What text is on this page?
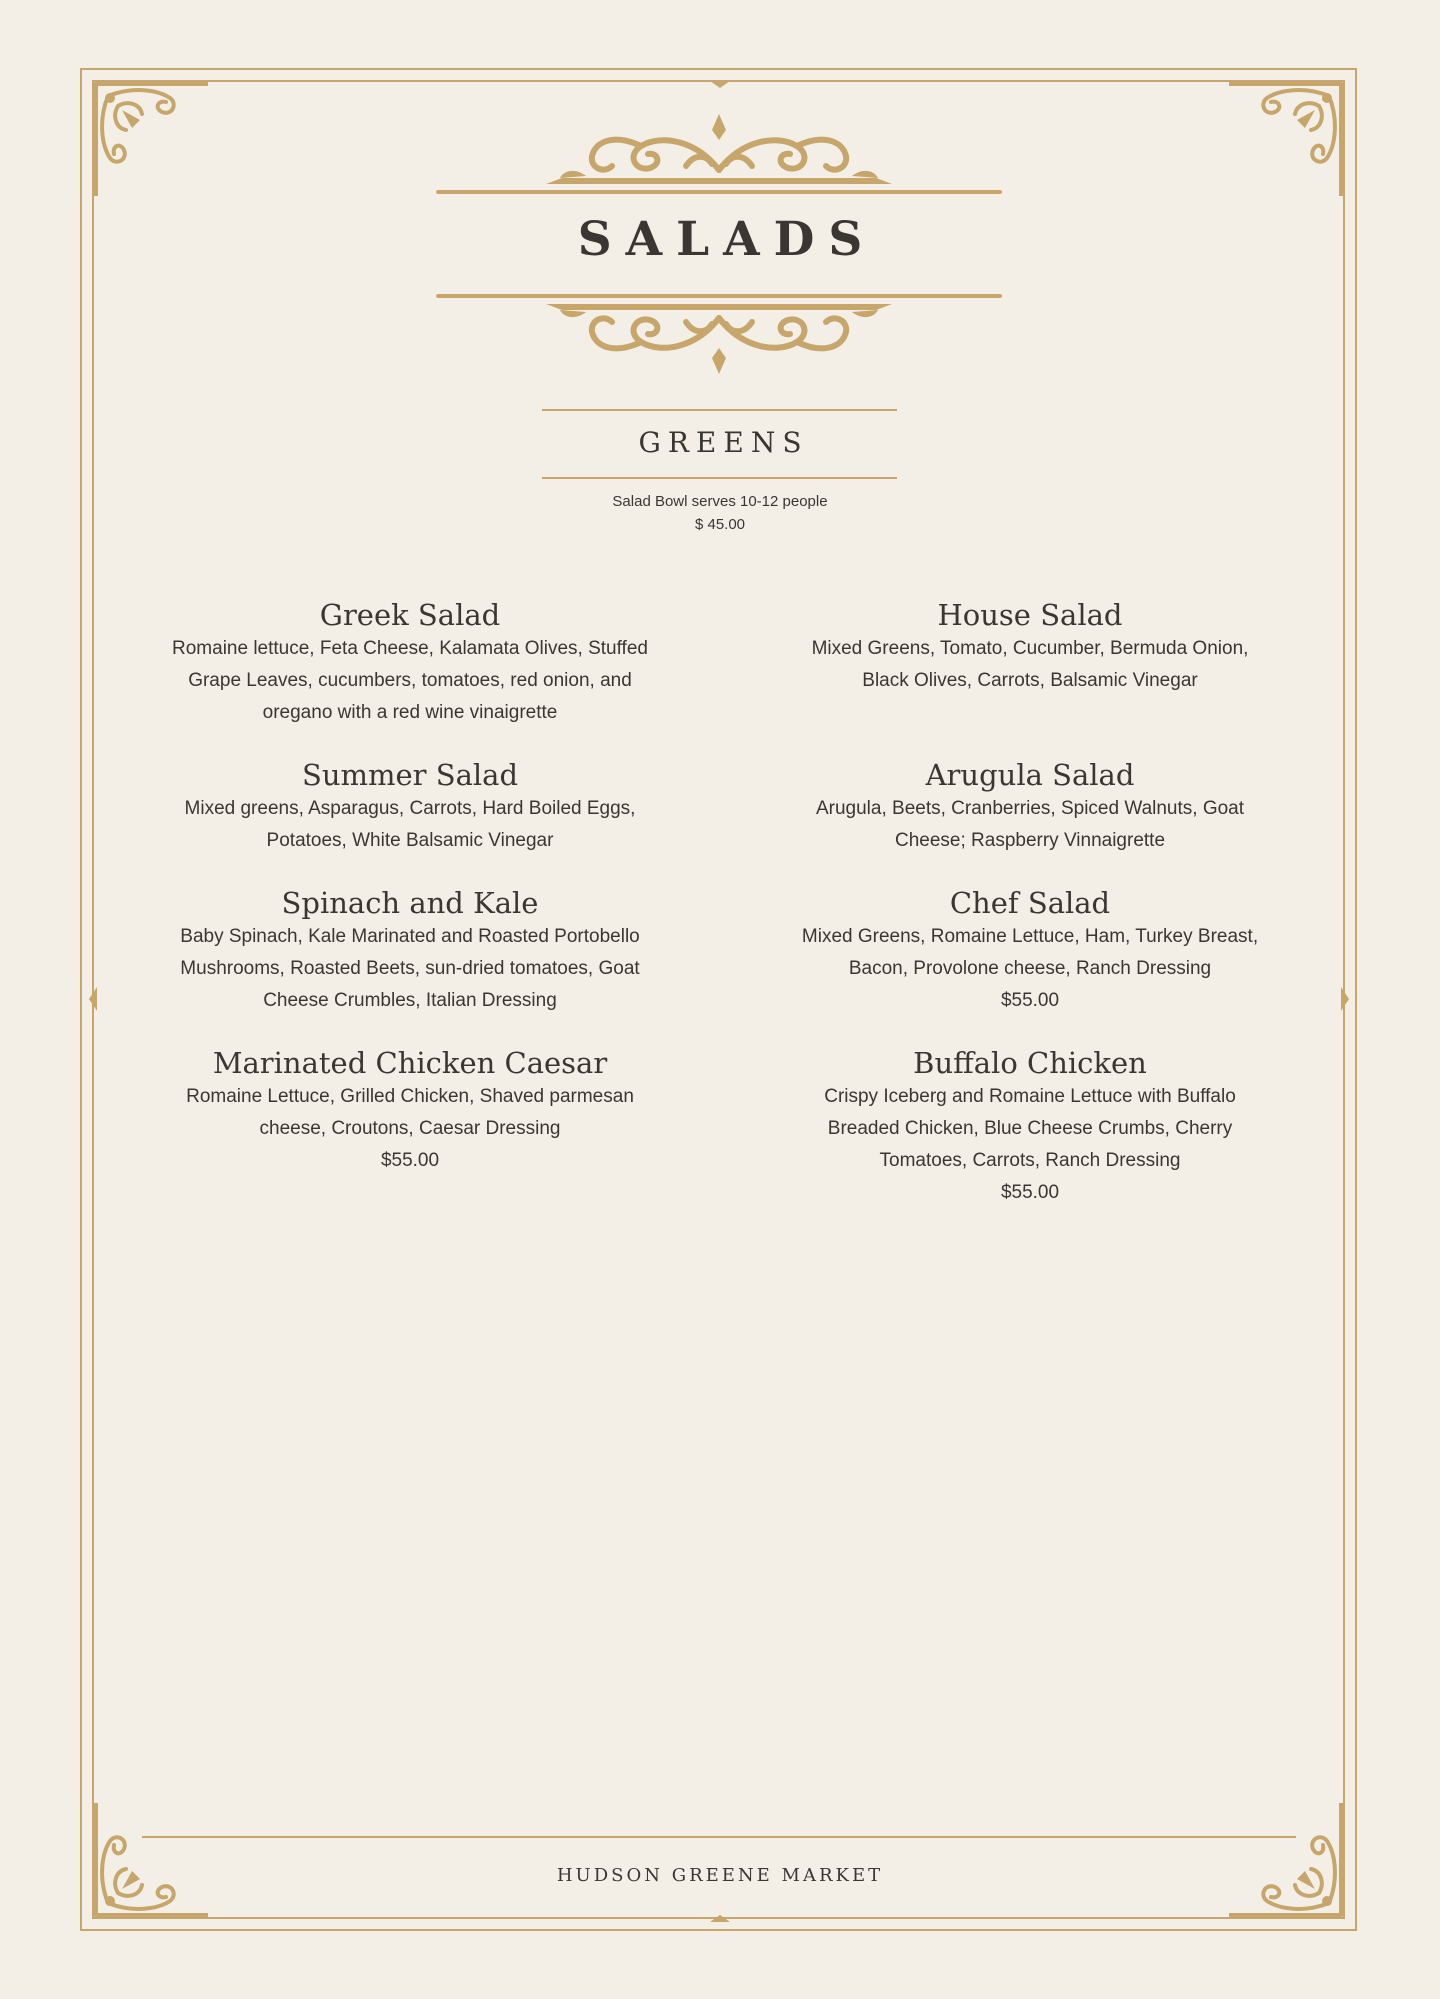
SALADS
GREENS
Salad Bowl serves 10-12 people
$ 45.00

Greek Salad

Romaine lettuce, Feta Cheese, Kalamata Olives, Stuffed
Grape Leaves, cucumbers, tomatoes, red onion, and
oregano with a red wine vinaigrette

Summer Salad

Mixed greens, Asparagus, Carrots, Hard Boiled Eggs,
Potatoes, White Balsamic Vinegar

Spinach and Kale

Baby Spinach, Kale Marinated and Roasted Portobello
Mushrooms, Roasted Beets, sun-dried tomatoes, Goat
Cheese Crumbles, Italian Dressing

Marinated Chicken Caesar

Romaine Lettuce, Grilled Chicken, Shaved parmesan
cheese, Croutons, Caesar Dressing

$55.00

House Salad

Mixed Greens, Tomato, Cucumber, Bermuda Onion,
Black Olives, Carrots, Balsamic Vinegar

Arugula Salad

Arugula, Beets, Cranberries, Spiced Walnuts, Goat
Cheese; Raspberry Vinnaigrette

Chef Salad

Mixed Greens, Romaine Lettuce, Ham, Turkey Breast,
Bacon, Provolone cheese, Ranch Dressing

$55.00

Buffalo Chicken

Crispy Iceberg and Romaine Lettuce with Buffalo
Breaded Chicken, Blue Cheese Crumbs, Cherry
Tomatoes, Carrots, Ranch Dressing

$55.00

HUDSON GREENE MARKET
